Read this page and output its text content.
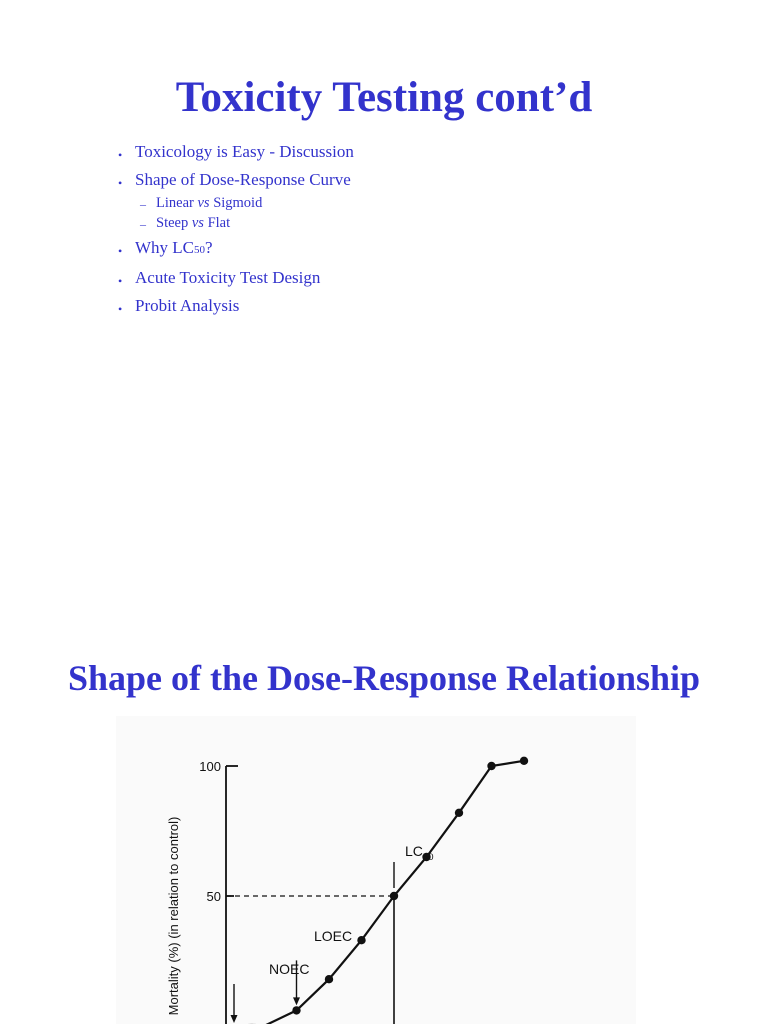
Toxicity Testing cont’d
• Toxicology is Easy - Discussion
• Shape of Dose-Response Curve
– Linear vs Sigmoid
– Steep vs Flat
• Why LC50?
• Acute Toxicity Test Design
• Probit Analysis
Shape of the Dose-Response Relationship
Mortality (%) (in relation to control)
100
50
$LC_{50}$
LOEC
NOEC
